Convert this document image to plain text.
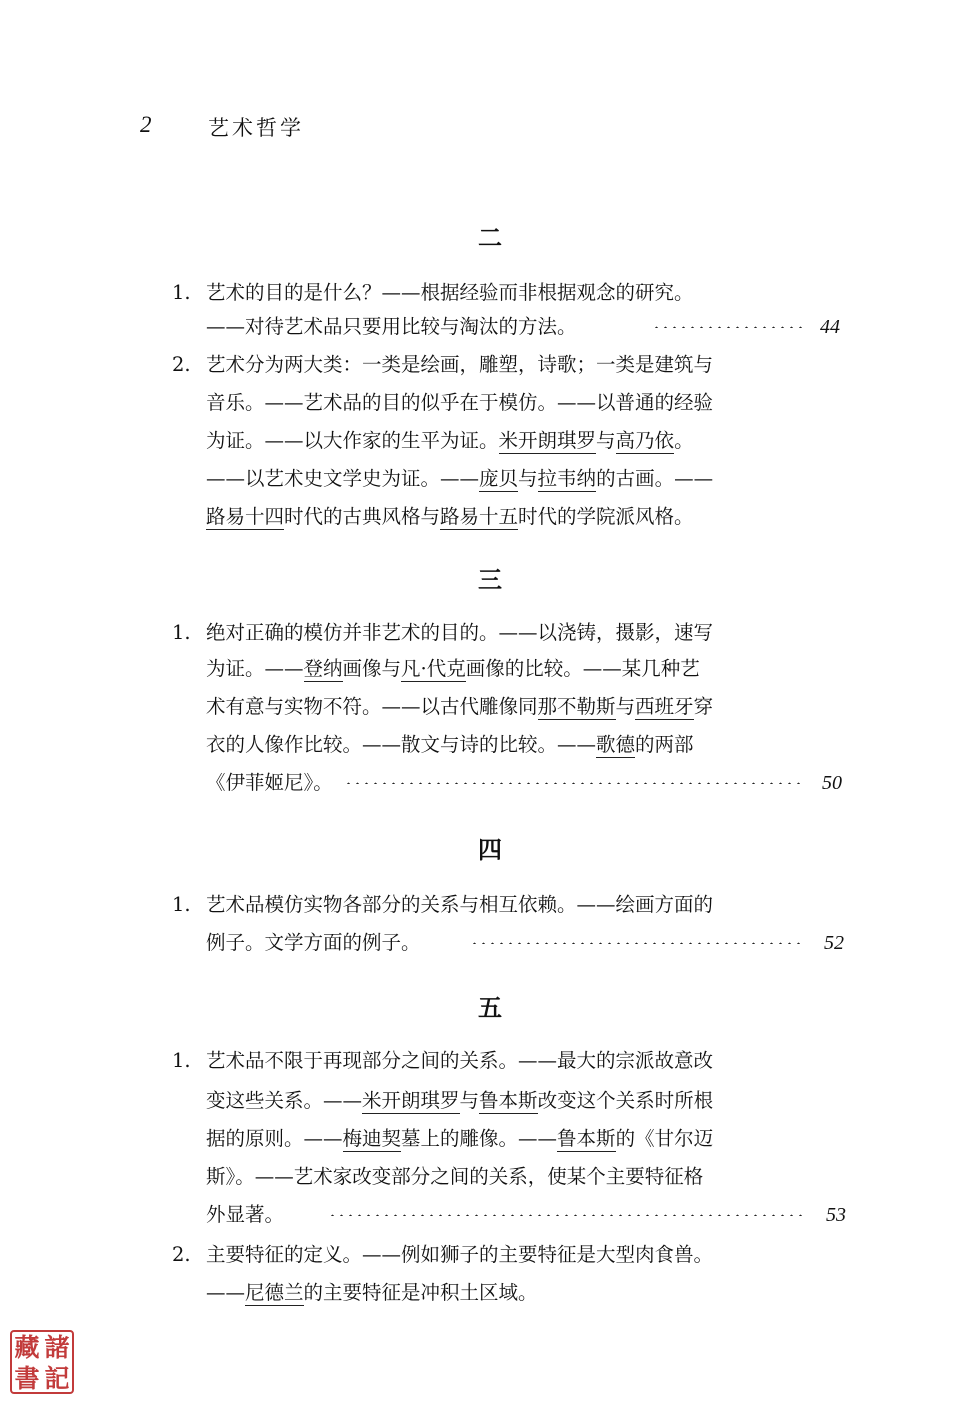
2	艺术哲学
二
1. 艺术的目的是什么？——根据经验而非根据观念的研究。
——对待艺术品只要用比较与淘汰的方法。	44
2. 艺术分为两大类：一类是绘画，雕塑，诗歌；一类是建筑与
音乐。——艺术品的目的似乎在于模仿。——以普通的经验
为证。——以大作家的生平为证。米开朗琪罗与高乃依。
——以艺术史文学史为证。——庞贝与拉韦纳的古画。——
路易十四时代的古典风格与路易十五时代的学院派风格。
三
1. 绝对正确的模仿并非艺术的目的。——以浇铸，摄影，速写
为证。——登纳画像与凡·代克画像的比较。——某几种艺
术有意与实物不符。——以古代雕像同那不勒斯与西班牙穿
衣的人像作比较。——散文与诗的比较。——歌德的两部
《伊菲姬尼》。	50
四
1. 艺术品模仿实物各部分的关系与相互依赖。——绘画方面的
例子。文学方面的例子。	52
五
1. 艺术品不限于再现部分之间的关系。——最大的宗派故意改
变这些关系。——米开朗琪罗与鲁本斯改变这个关系时所根
据的原则。——梅迪契墓上的雕像。——鲁本斯的《甘尔迈
斯》。——艺术家改变部分之间的关系，使某个主要特征格
外显著。	53
2. 主要特征的定义。——例如狮子的主要特征是大型肉食兽。
——尼德兰的主要特征是冲积土区域。
藏 諸
書 記
